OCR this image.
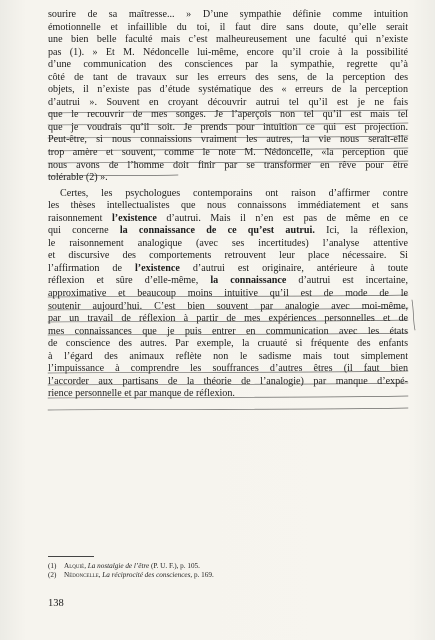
sourire de sa maîtresse... » D’une sympathie définie comme intuition
émotionnelle et infaillible du toi, il faut dire sans doute, qu’elle serait
une bien belle faculté mais c’est malheureusement une faculté qui n’existe
pas (1). » Et M. Nédoncelle lui-même, encore qu’il croie à la possibilité
d’une communication des consciences par la sympathie, regrette qu’à
côté de tant de travaux sur les erreurs des sens, de la perception des
objets, il n’existe pas d’étude systématique des « erreurs de la perception
d’autrui ». Souvent en croyant découvrir autrui tel qu’il est je ne fais
que le recouvrir de mes songes. Je l’aperçois non tel qu’il est mais tel
que je voudrais qu’il soit. Je prends pour intuition ce qui est projection.
Peut-être, si nous connaissions vraiment les autres, la vie nous serait-elle
trop amère et souvent, comme le note M. Nédoncelle, «la perception que
nous avons de l’homme doit finir par se transformer en rêve pour être
tolérable (2) ».

Certes, les psychologues contemporains ont raison d’affirmer contre
les thèses intellectualistes que nous connaissons immédiatement et sans
raisonnement l’existence d’autrui. Mais il n’en est pas de même en ce
qui concerne la connaissance de ce qu’est autrui. Ici, la réflexion,
le raisonnement analogique (avec ses incertitudes) l’analyse attentive
et discursive des comportements retrouvent leur place nécessaire. Si
l’affirmation de l’existence d’autrui est originaire, antérieure à toute
réflexion et sûre d’elle-même, la connaissance d’autrui est incertaine,
approximative et beaucoup moins intuitive qu’il est de mode de le
soutenir aujourd’hui. C’est bien souvent par analogie avec moi-même,
par un travail de réflexion à partir de mes expériences personnelles et de
mes connaissances que je puis entrer en communication avec les états
de conscience des autres. Par exemple, la cruauté si fréquente des enfants
à l’égard des animaux reflète non le sadisme mais tout simplement
l’impuissance à comprendre les souffrances d’autres êtres (il faut bien
l’accorder aux partisans de la théorie de l’analogie) par manque d’expé-
rience personnelle et par manque de réflexion.

(1) Alquié, La nostalgie de l’être (P. U. F.), p. 105.
(2) Nédoncelle, La réciprocité des consciences, p. 169.
138
